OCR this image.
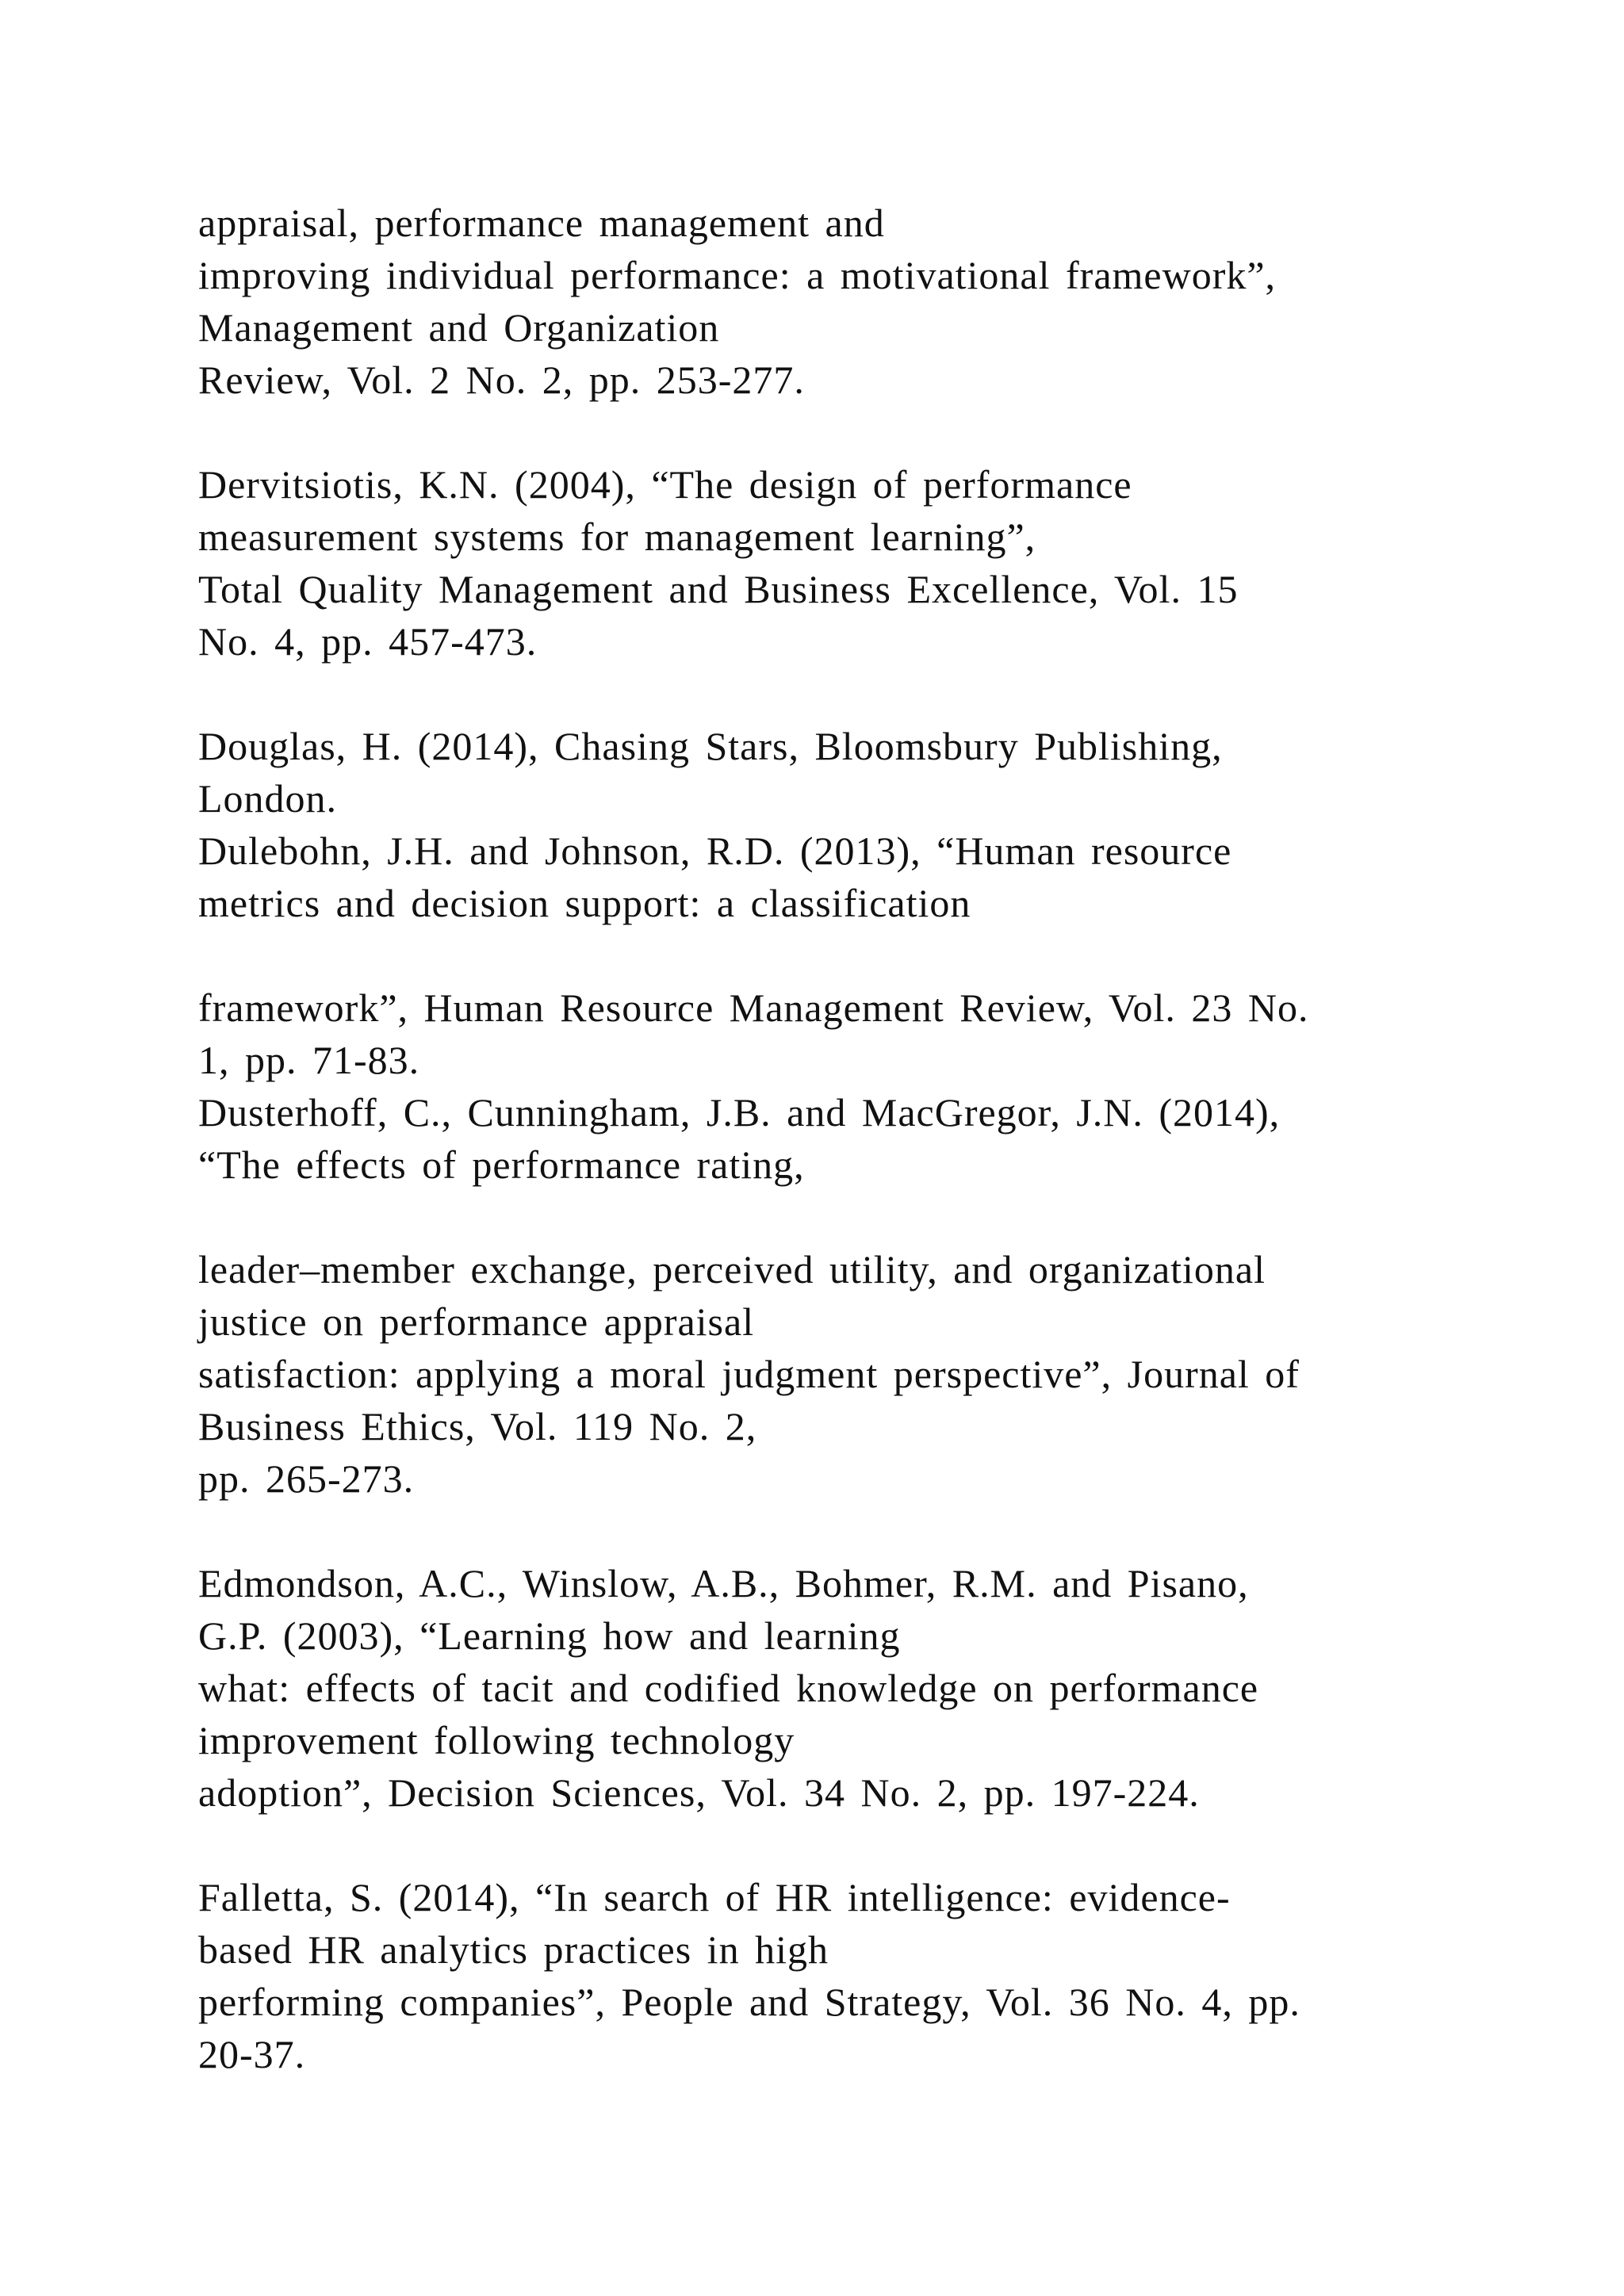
appraisal, performance management and
improving individual performance: a motivational framework”,
Management and Organization
Review, Vol. 2 No. 2, pp. 253-277.
Dervitsiotis, K.N. (2004), “The design of performance
measurement systems for management learning”,
Total Quality Management and Business Excellence, Vol. 15
No. 4, pp. 457-473.
Douglas, H. (2014), Chasing Stars, Bloomsbury Publishing,
London.
Dulebohn, J.H. and Johnson, R.D. (2013), “Human resource
metrics and decision support: a classification
framework”, Human Resource Management Review, Vol. 23 No.
1, pp. 71-83.
Dusterhoff, C., Cunningham, J.B. and MacGregor, J.N. (2014),
“The effects of performance rating,
leader–member exchange, perceived utility, and organizational
justice on performance appraisal
satisfaction: applying a moral judgment perspective”, Journal of
Business Ethics, Vol. 119 No. 2,
pp. 265-273.
Edmondson, A.C., Winslow, A.B., Bohmer, R.M. and Pisano,
G.P. (2003), “Learning how and learning
what: effects of tacit and codified knowledge on performance
improvement following technology
adoption”, Decision Sciences, Vol. 34 No. 2, pp. 197-224.
Falletta, S. (2014), “In search of HR intelligence: evidence-
based HR analytics practices in high
performing companies”, People and Strategy, Vol. 36 No. 4, pp.
20-37.
